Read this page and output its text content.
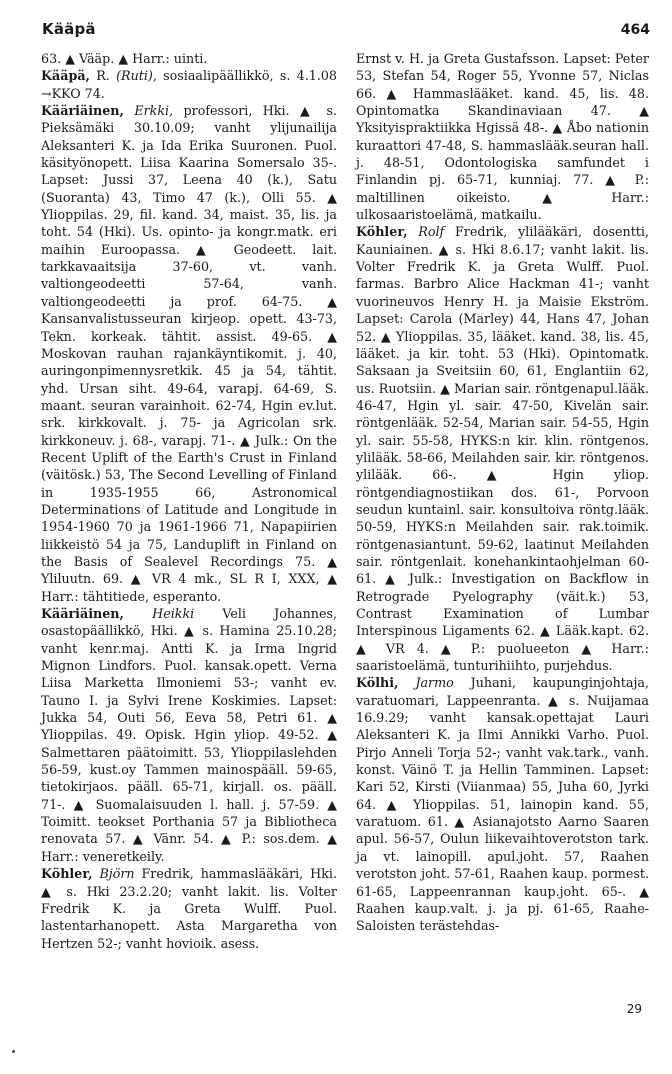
Kääpä	464
63. ▲ Vääp. ▲ Harr.: uinti.
Kääpä, R. (Ruti), sosiaalipäällikkö, s. 4.1.08 →KKO 74.
Kääriäinen, Erkki, professori, Hki. ▲ s. Pieksämäki 30.10.09; vanht ylijunailija Aleksanteri K. ja Ida Erika Suuronen. Puol. käsityönopett. Liisa Kaarina Somersalo 35-. Lapset: Jussi 37, Leena 40 (k.), Satu (Suoranta) 43, Timo 47 (k.), Olli 55. ▲ Ylioppilas. 29, fil. kand. 34, maist. 35, lis. ja toht. 54 (Hki). Us. opinto- ja kongr.matk. eri maihin Euroopassa. ▲ Geodeett. lait. tarkkavaaitsija 37-60, vt. vanh. valtiongeodeetti 57-64, vanh. valtiongeodeetti ja prof. 64-75. ▲ Kansanvalistusseuran kirjeop. opett. 43-73, Tekn. korkeak. tähtit. assist. 49-65. ▲ Moskovan rauhan rajankäyntikomit. j. 40, auringonpimennysretkik. 45 ja 54, tähtit. yhd. Ursan siht. 49-64, varapj. 64-69, S. maant. seuran varainhoit. 62-74, Hgin ev.lut. srk. kirkkovalt. j. 75- ja Agricolan srk. kirkkoneuv. j. 68-, varapj. 71-. ▲ Julk.: On the Recent Uplift of the Earth's Crust in Finland (väitösk.) 53, The Second Levelling of Finland in 1935-1955 66, Astronomical Determinations of Latitude and Longitude in 1954-1960 70 ja 1961-1966 71, Napapiirien liikkeistö 54 ja 75, Landuplift in Finland on the Basis of Sealevel Recordings 75. ▲ Yliluutn. 69. ▲ VR 4 mk., SL R I, XXX, ▲ Harr.: tähtitiede, esperanto.
Kääriäinen, Heikki Veli Johannes, osastopäällikkö, Hki. ▲ s. Hamina 25.10.28; vanht kenr.maj. Antti K. ja Irma Ingrid Mignon Lindfors. Puol. kansak.opett. Verna Liisa Marketta Ilmoniemi 53-; vanht ev. Tauno I. ja Sylvi Irene Koskimies. Lapset: Jukka 54, Outi 56, Eeva 58, Petri 61. ▲ Ylioppilas. 49. Opisk. Hgin yliop. 49-52. ▲ Salmettaren päätoimitt. 53, Ylioppilaslehden 56-59, kust.oy Tammen mainospääll. 59-65, tietokirjaos. pääll. 65-71, kirjall. os. pääll. 71-. ▲ Suomalaisuuden l. hall. j. 57-59. ▲ Toimitt. teokset Porthania 57 ja Bibliotheca renovata 57. ▲ Vänr. 54. ▲ P.: sos.dem. ▲ Harr.: veneretkeily.
Köhler, Björn Fredrik, hammaslääkäri, Hki. ▲ s. Hki 23.2.20; vanht lakit. lis. Volter Fredrik K. ja Greta Wulff. Puol. lastentarhanopett. Asta Margaretha von Hertzen 52-; vanht hovioik. asess.
Ernst v. H. ja Greta Gustafsson. Lapset: Peter 53, Stefan 54, Roger 55, Yvonne 57, Niclas 66. ▲ Hammaslääket. kand. 45, lis. 48. Opintomatka Skandinaviaan 47. ▲ Yksityispraktiikka Hgissä 48-. ▲ Åbo nationin kuraattori 47-48, S. hammaslääk.seuran hall. j. 48-51, Odontologiska samfundet i Finlandin pj. 65-71, kunniaj. 77. ▲ P.: maltillinen oikeisto. ▲ Harr.: ulkosaaristoelämä, matkailu.
Köhler, Rolf Fredrik, ylilääkäri, dosentti, Kauniainen. ▲ s. Hki 8.6.17; vanht lakit. lis. Volter Fredrik K. ja Greta Wulff. Puol. farmas. Barbro Alice Hackman 41-; vanht vuorineuvos Henry H. ja Maisie Ekström. Lapset: Carola (Marley) 44, Hans 47, Johan 52. ▲ Ylioppilas. 35, lääket. kand. 38, lis. 45, lääket. ja kir. toht. 53 (Hki). Opintomatk. Saksaan ja Sveitsiin 60, 61, Englantiin 62, us. Ruotsiin. ▲ Marian sair. röntgenapul.lääk. 46-47, Hgin yl. sair. 47-50, Kivelän sair. röntgenlääk. 52-54, Marian sair. 54-55, Hgin yl. sair. 55-58, HYKS:n kir. klin. röntgenos. ylilääk. 58-66, Meilahden sair. kir. röntgenos. ylilääk. 66-. ▲ Hgin yliop. röntgendiagnostiikan dos. 61-, Porvoon seudun kuntainl. sair. konsultoiva röntg.lääk. 50-59, HYKS:n Meilahden sair. rak.toimik. röntgenasiantunt. 59-62, laatinut Meilahden sair. röntgenlait. konehankintaohjelman 60-61. ▲ Julk.: Investigation on Backflow in Retrograde Pyelography (väit.k.) 53, Contrast Examination of Lumbar Interspinous Ligaments 62. ▲ Lääk.kapt. 62. ▲ VR 4. ▲ P.: puolueeton ▲ Harr.: saaristoelämä, tunturihiihto, purjehdus.
Kölhi, Jarmo Juhani, kaupunginjohtaja, varatuomari, Lappeenranta. ▲ s. Nuijamaa 16.9.29; vanht kansak.opettajat Lauri Aleksanteri K. ja Ilmi Annikki Varho. Puol. Pirjo Anneli Torja 52-; vanht vak.tark., vanh. konst. Väinö T. ja Hellin Tamminen. Lapset: Kari 52, Kirsti (Viianmaa) 55, Juha 60, Jyrki 64. ▲ Ylioppilas. 51, lainopin kand. 55, varatuom. 61. ▲ Asianajotsto Aarno Saaren apul. 56-57, Oulun liikevaihtoverotston tark. ja vt. lainopill. apul.joht. 57, Raahen verotston joht. 57-61, Raahen kaup. pormest. 61-65, Lappeenrannan kaup.joht. 65-. ▲ Raahen kaup.valt. j. ja pj. 61-65, Raahe-Saloisten terästehdas-
29
